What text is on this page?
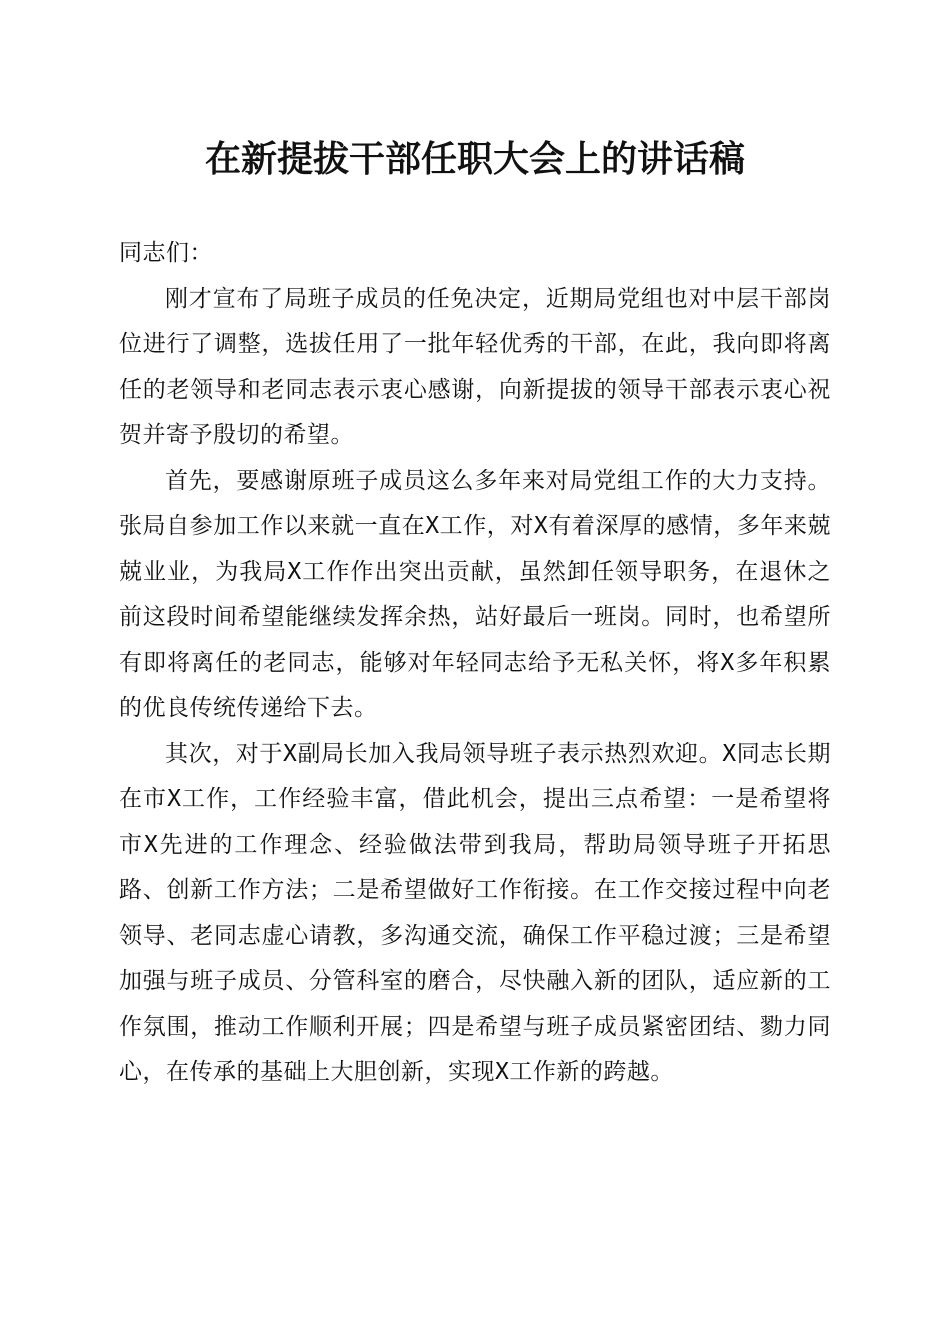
在新提拔干部任职大会上的讲话稿

同志们：

刚才宣布了局班子成员的任免决定，近期局党组也对中层干部岗位进行了调整，选拔任用了一批年轻优秀的干部，在此，我向即将离任的老领导和老同志表示衷心感谢，向新提拔的领导干部表示衷心祝贺并寄予殷切的希望。

首先，要感谢原班子成员这么多年来对局党组工作的大力支持。张局自参加工作以来就一直在X工作，对X有着深厚的感情，多年来兢兢业业，为我局X工作作出突出贡献，虽然卸任领导职务，在退休之前这段时间希望能继续发挥余热，站好最后一班岗。同时，也希望所有即将离任的老同志，能够对年轻同志给予无私关怀，将X多年积累的优良传统传递给下去。

其次，对于X副局长加入我局领导班子表示热烈欢迎。X同志长期在市X工作，工作经验丰富，借此机会，提出三点希望：一是希望将市X先进的工作理念、经验做法带到我局，帮助局领导班子开拓思路、创新工作方法；二是希望做好工作衔接。在工作交接过程中向老领导、老同志虚心请教，多沟通交流，确保工作平稳过渡；三是希望加强与班子成员、分管科室的磨合，尽快融入新的团队，适应新的工作氛围，推动工作顺利开展；四是希望与班子成员紧密团结、勠力同心，在传承的基础上大胆创新，实现X工作新的跨越。
